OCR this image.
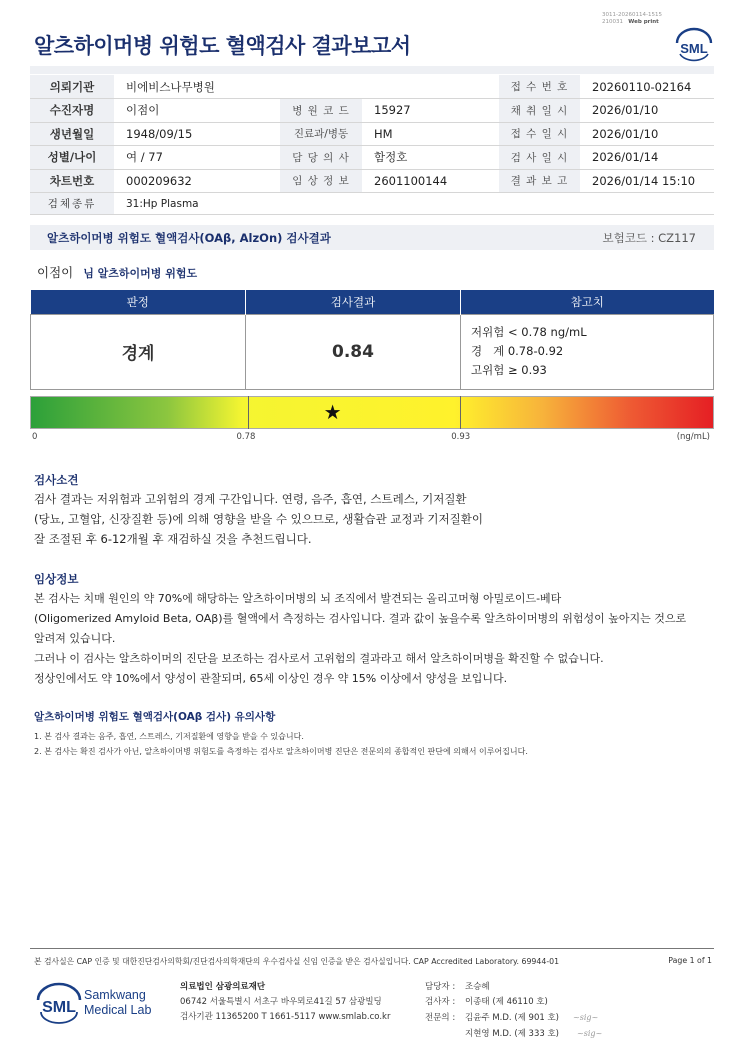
3011-20260114-1515
210031 Web print
알츠하이머병 위험도 혈액검사 결과보고서	SML
의뢰기관	비에비스나무병원			접 수 번 호	20260110-02164
수진자명	이점이	병 원 코 드	15927	채 취 일 시	2026/01/10
생년월일	1948/09/15	진료과/병동	HM	접 수 일 시	2026/01/10
성별/나이	여 / 77	담 당 의 사	함정호	검 사 일 시	2026/01/14
차트번호	000209632	임 상 정 보	2601100144	결 과 보 고	2026/01/14 15:10
검체종류	31:Hp Plasma				
알츠하이머병 위험도 혈액검사(OAβ, AlzOn) 검사결과	보험코드 : CZ117
이점이 님 알츠하이머병 위험도
판정	검사결과	참고치
경계	0.84	저위험 < 0.78 ng/mL
경   계 0.78-0.92
고위험 ≥ 0.93
★
0	0.78	0.93	(ng/mL)
검사소견
검사 결과는 저위험과 고위험의 경계 구간입니다. 연령, 음주, 흡연, 스트레스, 기저질환
(당뇨, 고혈압, 신장질환 등)에 의해 영향을 받을 수 있으므로, 생활습관 교정과 기저질환이
잘 조절된 후 6-12개월 후 재검하실 것을 추천드립니다.
임상정보
본 검사는 치매 원인의 약 70%에 해당하는 알츠하이머병의 뇌 조직에서 발견되는 올리고머형 아밀로이드-베타
(Oligomerized Amyloid Beta, OAβ)를 혈액에서 측정하는 검사입니다. 결과 값이 높을수록 알츠하이머병의 위험성이 높아지는 것으로
알려져 있습니다.
그러나 이 검사는 알츠하이머의 진단을 보조하는 검사로서 고위험의 결과라고 해서 알츠하이머병을 확진할 수 없습니다.
정상인에서도 약 10%에서 양성이 관찰되며, 65세 이상인 경우 약 15% 이상에서 양성을 보입니다.
알츠하이머병 위험도 혈액검사(OAβ 검사) 유의사항
1. 본 검사 결과는 음주, 흡연, 스트레스, 기저질환에 영향을 받을 수 있습니다.
2. 본 검사는 확진 검사가 아닌, 알츠하이머병 위험도를 측정하는 검사로 알츠하이머병 진단은 전문의의 종합적인 판단에 의해서 이루어집니다.
본 검사실은 CAP 인증 및 대한진단검사의학회/진단검사의학재단의 우수검사실 신임 인증을 받은 검사실입니다. CAP Accredited Laboratory. 69944-01	Page 1 of 1
SML
Samkwang
Medical Lab
의료법인 삼광의료재단
06742 서울특별시 서초구 바우뫼로41길 57 삼광빌딩
검사기관 11365200 T 1661-5117 www.smlab.co.kr
담당자 : 조승혜
검사자 : 이종태 (제 46110 호)
전문의 : 김윤주 M.D. (제 901 호) ~sig~
지현영 M.D. (제 333 호) ~sig~
